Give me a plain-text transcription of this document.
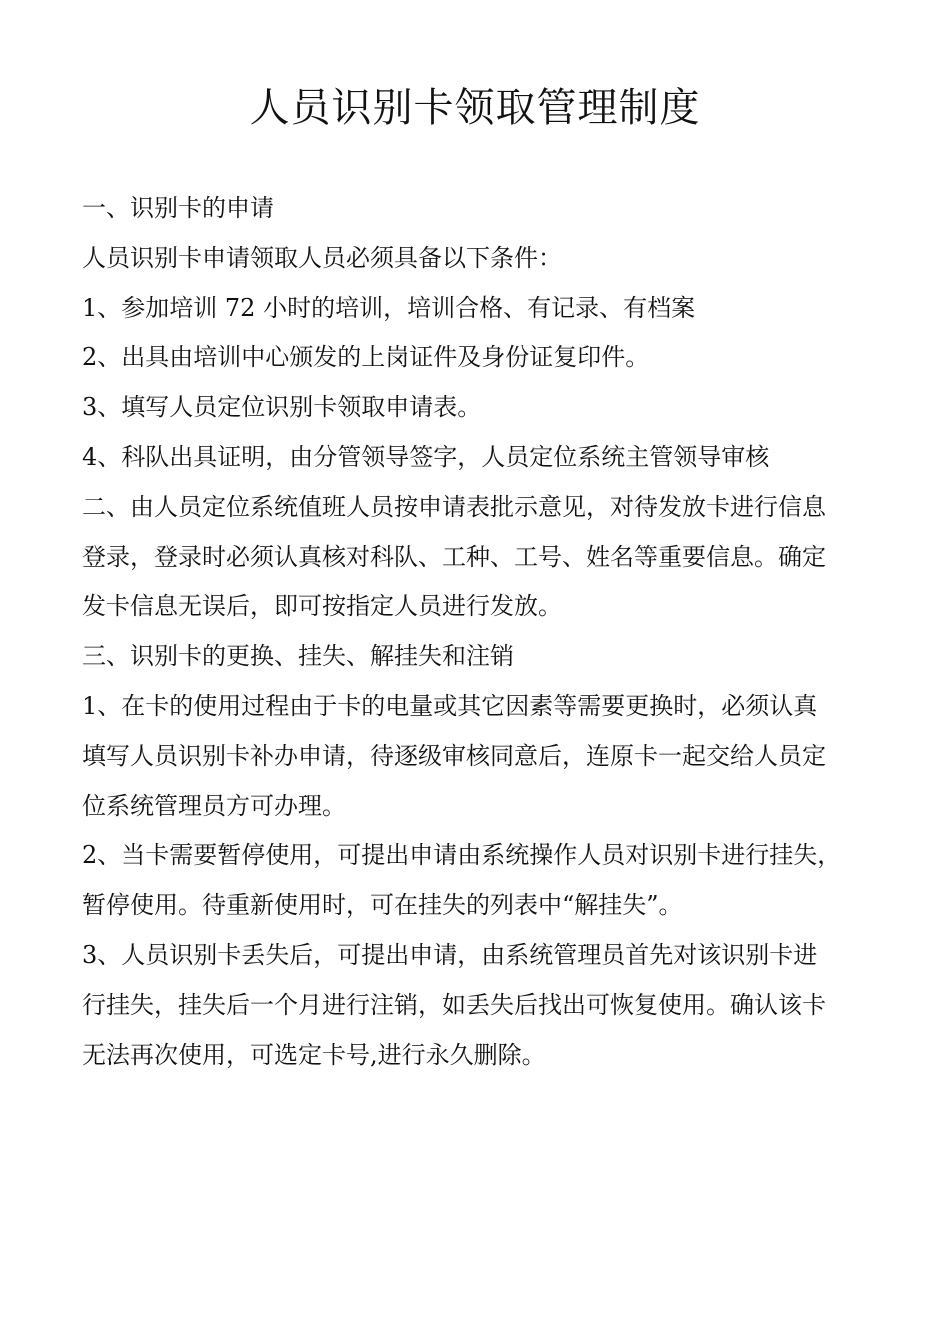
人员识别卡领取管理制度

一、识别卡的申请

人员识别卡申请领取人员必须具备以下条件：

1、参加培训 72 小时的培训，培训合格、有记录、有档案

2、出具由培训中心颁发的上岗证件及身份证复印件。

3、填写人员定位识别卡领取申请表。

4、科队出具证明，由分管领导签字，人员定位系统主管领导审核

二、由人员定位系统值班人员按申请表批示意见，对待发放卡进行信息

登录，登录时必须认真核对科队、工种、工号、姓名等重要信息。确定

发卡信息无误后，即可按指定人员进行发放。

三、识别卡的更换、挂失、解挂失和注销

1、在卡的使用过程由于卡的电量或其它因素等需要更换时，必须认真

填写人员识别卡补办申请，待逐级审核同意后，连原卡一起交给人员定

位系统管理员方可办理。

2、当卡需要暂停使用，可提出申请由系统操作人员对识别卡进行挂失，

暂停使用。待重新使用时，可在挂失的列表中“解挂失”。

3、人员识别卡丢失后，可提出申请，由系统管理员首先对该识别卡进

行挂失，挂失后一个月进行注销，如丢失后找出可恢复使用。确认该卡

无法再次使用，可选定卡号,进行永久删除。
